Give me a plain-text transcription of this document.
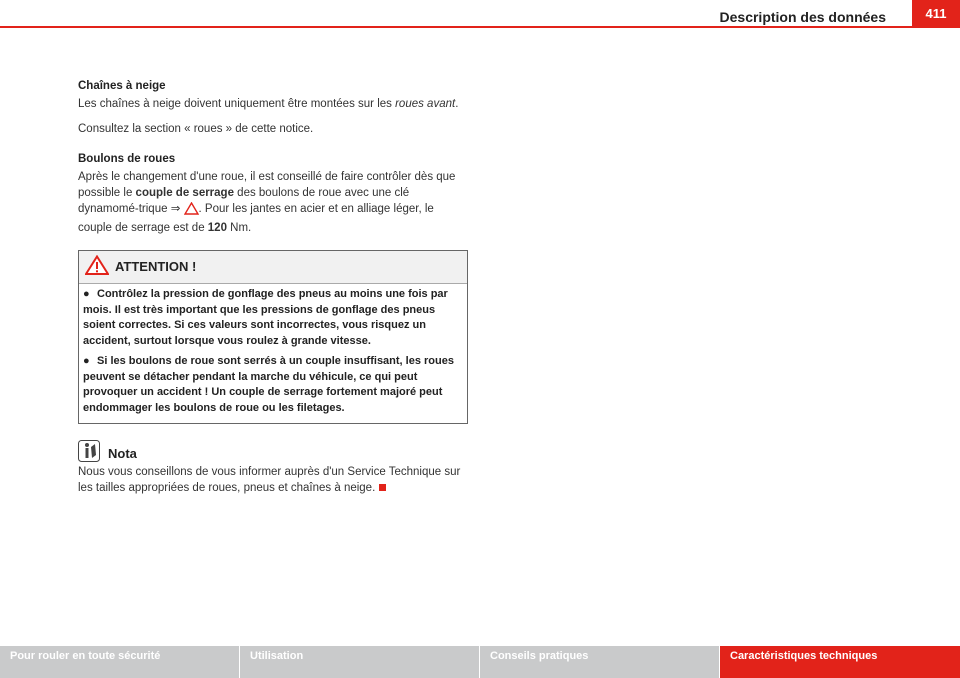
Description des données	411
Chaînes à neige

Les chaînes à neige doivent uniquement être montées sur les roues avant.

Consultez la section « roues » de cette notice.

Boulons de roues

Après le changement d'une roue, il est conseillé de faire contrôler dès que possible le couple de serrage des boulons de roue avec une clé dynamomé-trique ⇒ . Pour les jantes en acier et en alliage léger, le couple de serrage est de 120 Nm.

ATTENTION !
● Contrôlez la pression de gonflage des pneus au moins une fois par mois. Il est très important que les pressions de gonflage des pneus soient correctes. Si ces valeurs sont incorrectes, vous risquez un accident, surtout lorsque vous roulez à grande vitesse.
● Si les boulons de roue sont serrés à un couple insuffisant, les roues peuvent se détacher pendant la marche du véhicule, ce qui peut provoquer un accident ! Un couple de serrage fortement majoré peut endommager les boulons de roue ou les filetages.
Nota

Nous vous conseillons de vous informer auprès d'un Service Technique sur les tailles appropriées de roues, pneus et chaînes à neige.

Pour rouler en toute sécurité	Utilisation	Conseils pratiques	Caractéristiques techniques
